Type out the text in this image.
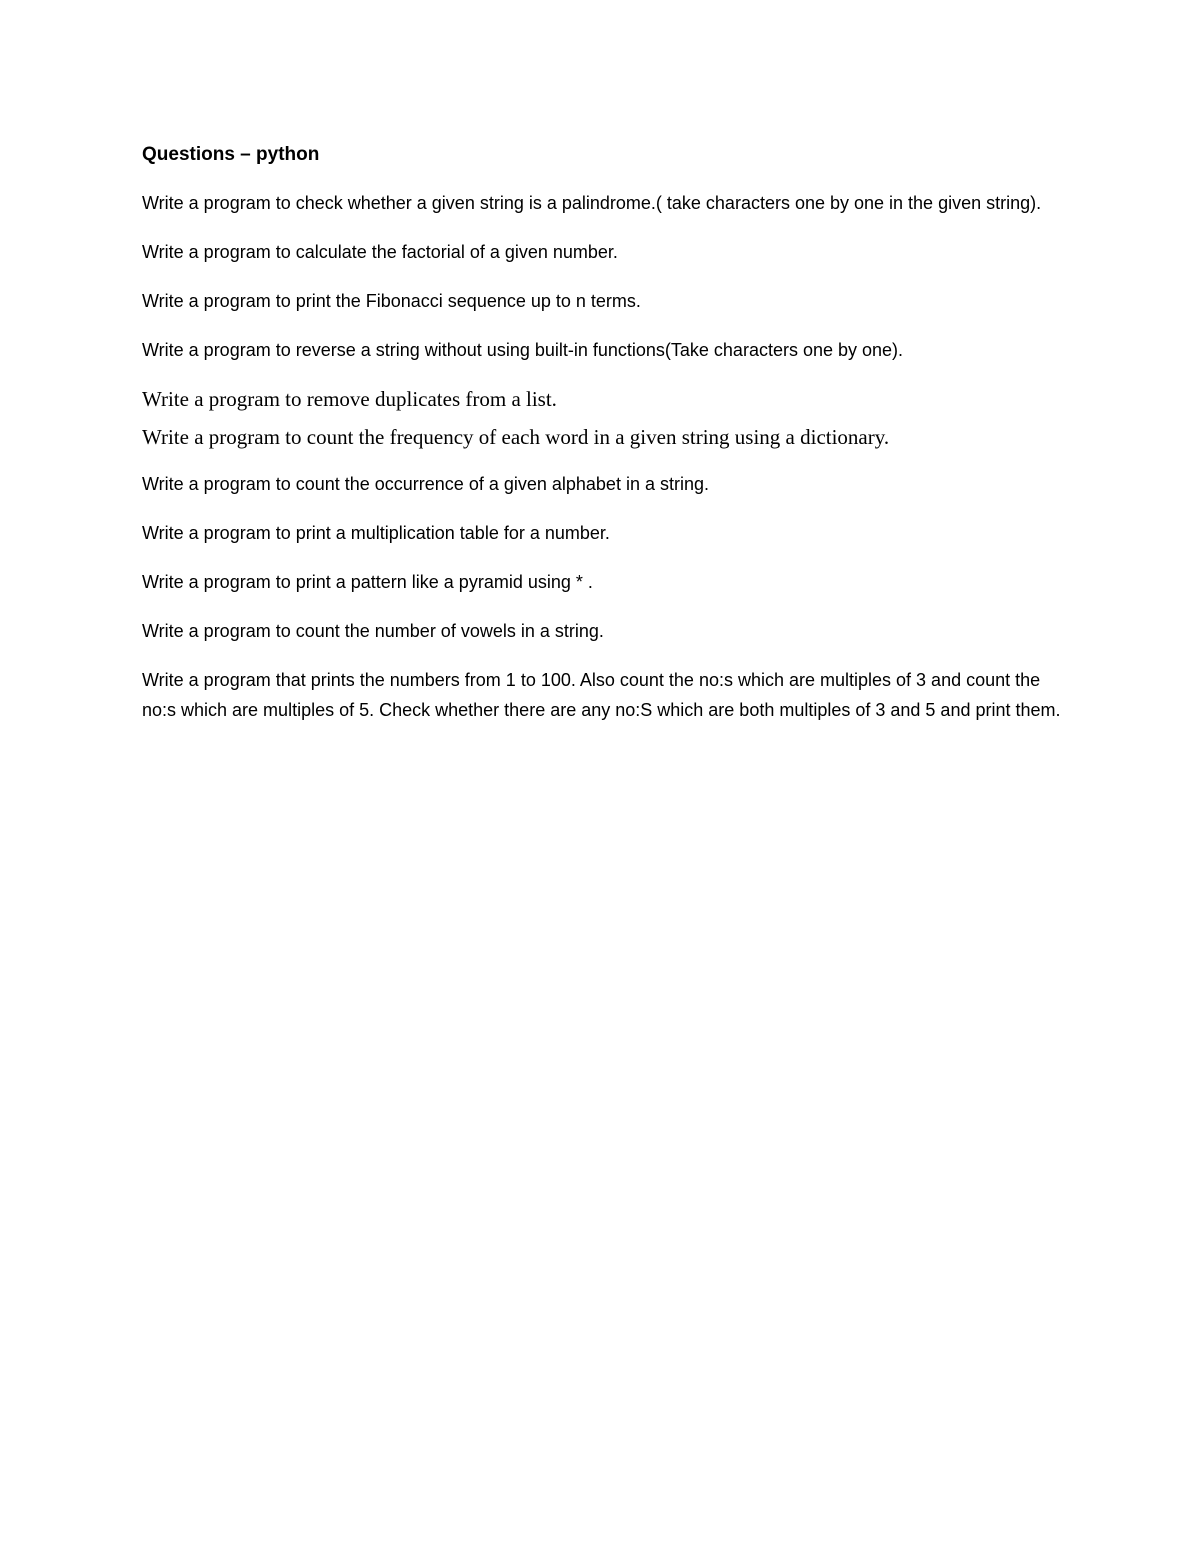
Questions – python
Write a program to check whether a given string is a palindrome.( take characters one by one in the given string).
Write a program to calculate the factorial of a given number.
Write a program to print the Fibonacci sequence up to n terms.
Write a program to reverse a string without using built-in functions(Take characters one by one).
Write a program to remove duplicates from a list.
Write a program to count the frequency of each word in a given string using a dictionary.
Write a program to count the occurrence of a given alphabet in a string.
Write a program to print a multiplication table for a number.
Write a program to print a pattern like a pyramid using * .
Write a program to count the number of vowels in a string.
Write a program that prints the numbers from 1 to 100. Also count the no:s which are multiples of 3 and count the no:s which are multiples of 5. Check whether there are any no:S which are both multiples of 3 and 5 and print them.
